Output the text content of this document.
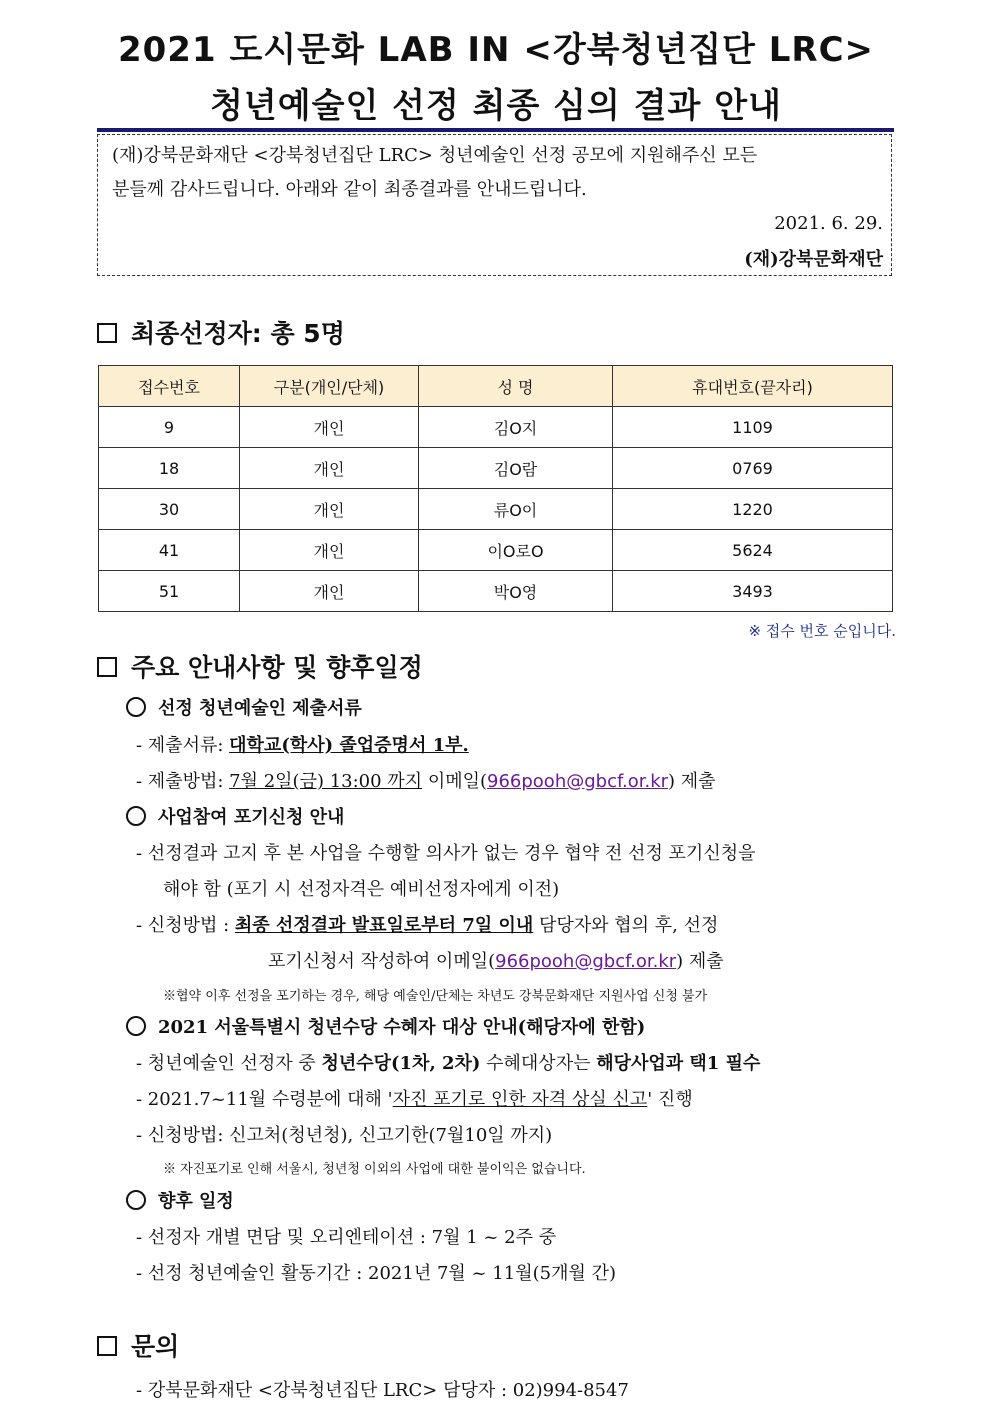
2021 도시문화 LAB IN <강북청년집단 LRC>
청년예술인 선정 최종 심의 결과 안내
(재)강북문화재단 <강북청년집단 LRC> 청년예술인 선정 공모에 지원해주신 모든
분들께 감사드립니다. 아래와 같이 최종결과를 안내드립니다.
2021. 6. 29.
(재)강북문화재단
최종선정자: 총 5명
접수번호	구분(개인/단체)	성 명	휴대번호(끝자리)
9	개인	김O지	1109
18	개인	김O람	0769
30	개인	류O이	1220
41	개인	이O로O	5624
51	개인	박O영	3493
※ 접수 번호 순입니다.
주요 안내사항 및 향후일정
선정 청년예술인 제출서류
- 제출서류: 대학교(학사) 졸업증명서 1부.
- 제출방법: 7월 2일(금) 13:00 까지 이메일(966pooh@gbcf.or.kr) 제출
사업참여 포기신청 안내
- 선정결과 고지 후 본 사업을 수행할 의사가 없는 경우 협약 전 선정 포기신청을
해야 함 (포기 시 선정자격은 예비선정자에게 이전)
- 신청방법 : 최종 선정결과 발표일로부터 7일 이내 담당자와 협의 후, 선정
포기신청서 작성하여 이메일(966pooh@gbcf.or.kr) 제출
※협약 이후 선정을 포기하는 경우, 해당 예술인/단체는 차년도 강북문화재단 지원사업 신청 불가
2021 서울특별시 청년수당 수혜자 대상 안내(해당자에 한함)
- 청년예술인 선정자 중 청년수당(1차, 2차) 수혜대상자는 해당사업과 택1 필수
- 2021.7~11월 수령분에 대해 '자진 포기로 인한 자격 상실 신고' 진행
- 신청방법: 신고처(청년청), 신고기한(7월10일 까지)
※ 자진포기로 인해 서울시, 청년청 이외의 사업에 대한 불이익은 없습니다.
향후 일정
- 선정자 개별 면담 및 오리엔테이션 : 7월 1 ~ 2주 중
- 선정 청년예술인 활동기간 : 2021년 7월 ~ 11월(5개월 간)
문의
- 강북문화재단 <강북청년집단 LRC> 담당자 : 02)994-8547
